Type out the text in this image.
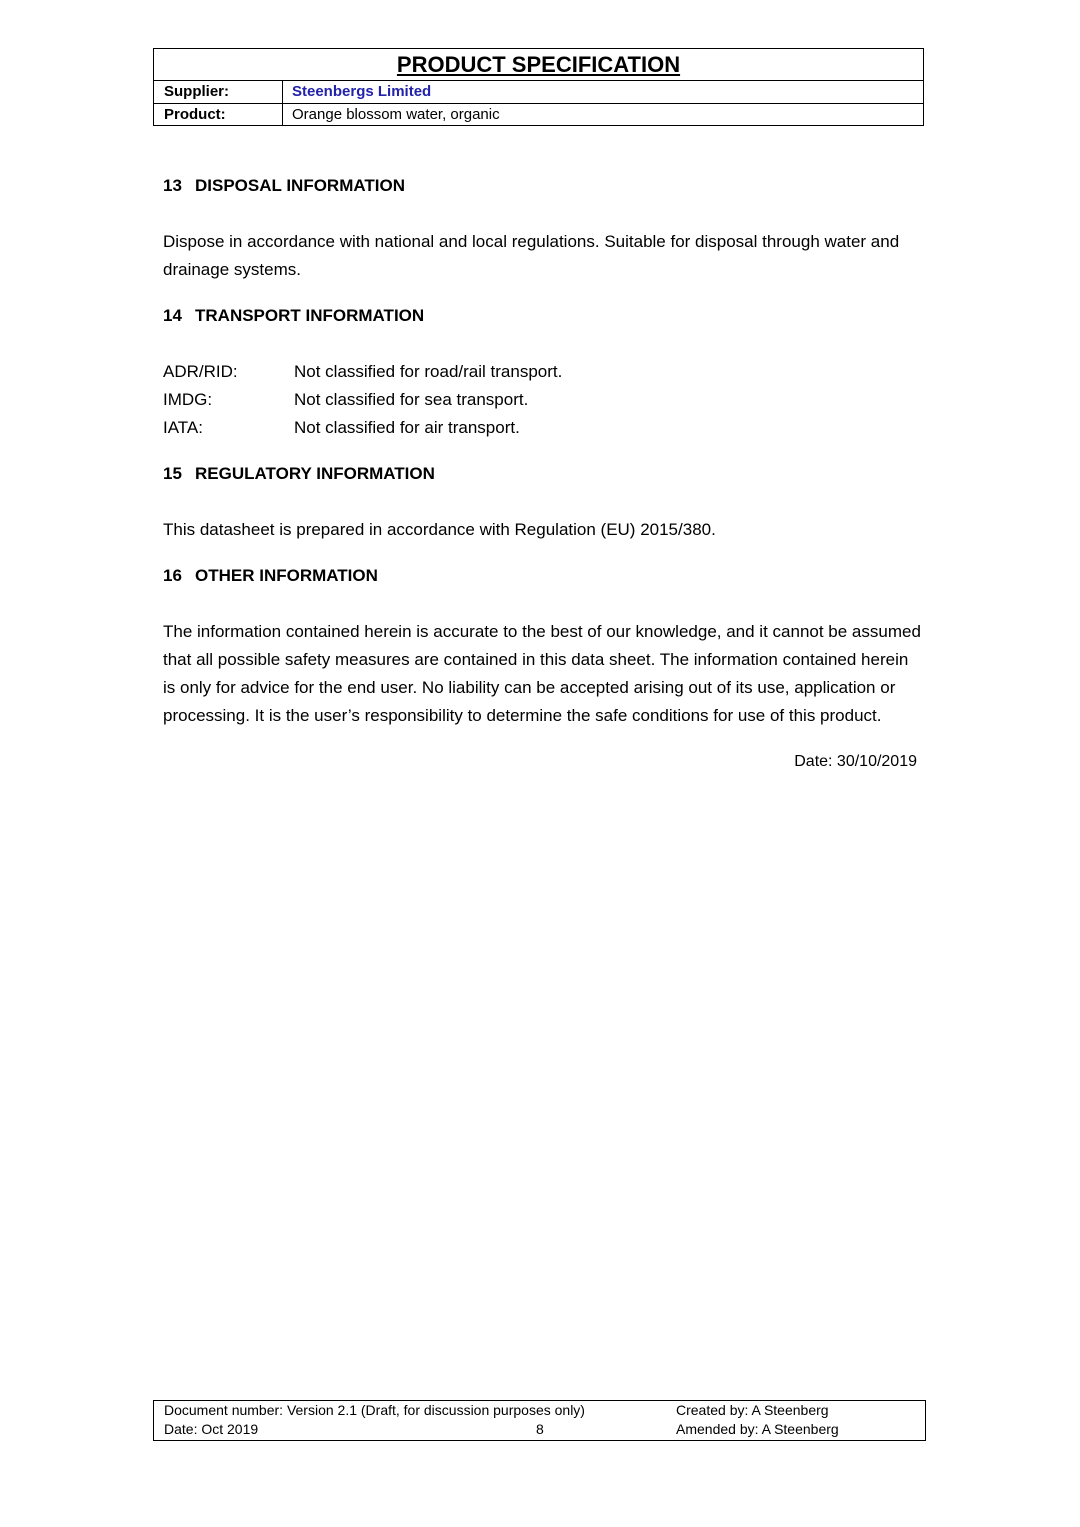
PRODUCT SPECIFICATION
Supplier:	Steenbergs Limited
Product:	Orange blossom water, organic

13 DISPOSAL INFORMATION

Dispose in accordance with national and local regulations. Suitable for disposal through water and drainage systems.

14 TRANSPORT INFORMATION

ADR/RID:	Not classified for road/rail transport.
IMDG:	Not classified for sea transport.
IATA:	Not classified for air transport.

15 REGULATORY INFORMATION

This datasheet is prepared in accordance with Regulation (EU) 2015/380.

16 OTHER INFORMATION

The information contained herein is accurate to the best of our knowledge, and it cannot be assumed that all possible safety measures are contained in this data sheet. The information contained herein is only for advice for the end user. No liability can be accepted arising out of its use, application or processing. It is the user’s responsibility to determine the safe conditions for use of this product.

Date: 30/10/2019
Document number: Version 2.1 (Draft, for discussion purposes only)	Created by: A Steenberg
Date: Oct 2019	8	Amended by: A Steenberg
